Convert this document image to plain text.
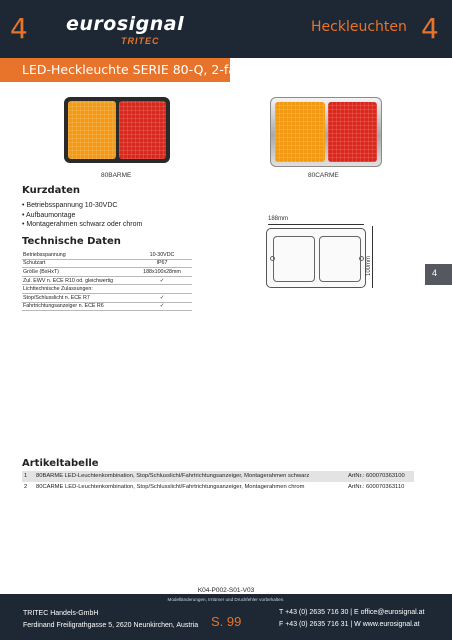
4 eurosignal
TRITEC
Heckleuchten 4
LED-Heckleuchte SERIE 80-Q, 2-fach
80BARME	80CARME
Kurzdaten
• Betriebsspannung 10-30VDC
• Aufbaumontage
• Montagerahmen schwarz oder chrom
Technische Daten
Betriebsspannung	10-30VDC
Schutzart	IP67
Größe (BxHxT)	188x100x28mm
Zul. EWV n. ECE R10 od. gleichwertig	✓
Lichttechnische Zulassungen:	
Stop/Schlusslicht n. ECE R7	✓
Fahrtrichtungsanzeiger n. ECE R6	✓
188mm
100mm	4
Artikeltabelle
1	80BARME LED-Leuchtenkombination, Stop/Schlusslicht/Fahrtrichtungsanzeiger, Montagerahmen schwarz	ArtNr.: 600070363100
2	80CARME LED-Leuchtenkombination, Stop/Schlusslicht/Fahrtrichtungsanzeiger, Montagerahmen chrom	ArtNr.: 600070363110
K04-P002-S01-V03
Modelländerungen, Irrtümer und Druckfehler vorbehalten.
TRITEC Handels-GmbH
Ferdinand Freiligrathgasse 5, 2620 Neunkirchen, Austria S. 99
T +43 (0) 2635 716 30 | E office@eurosignal.at
F +43 (0) 2635 716 31 | W www.eurosignal.at
